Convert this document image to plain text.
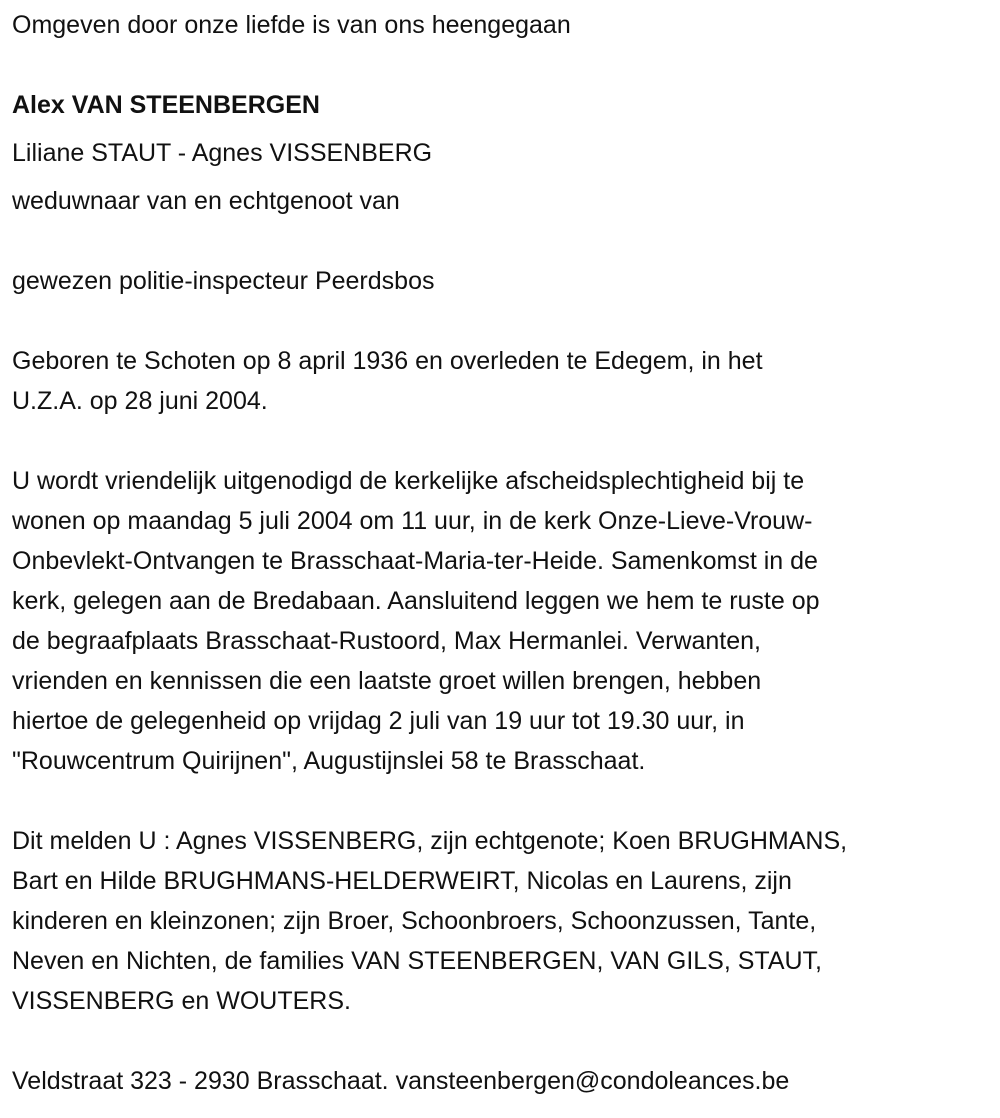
Omgeven door onze liefde is van ons heengegaan
Alex VAN STEENBERGEN
Liliane STAUT - Agnes VISSENBERG
weduwnaar van en echtgenoot van
gewezen politie-inspecteur Peerdsbos
Geboren te Schoten op 8 april 1936 en overleden te Edegem, in het
U.Z.A. op 28 juni 2004.
U wordt vriendelijk uitgenodigd de kerkelijke afscheidsplechtigheid bij te
wonen op maandag 5 juli 2004 om 11 uur, in de kerk Onze-Lieve-Vrouw-
Onbevlekt-Ontvangen te Brasschaat-Maria-ter-Heide. Samenkomst in de
kerk, gelegen aan de Bredabaan. Aansluitend leggen we hem te ruste op
de begraafplaats Brasschaat-Rustoord, Max Hermanlei. Verwanten,
vrienden en kennissen die een laatste groet willen brengen, hebben
hiertoe de gelegenheid op vrijdag 2 juli van 19 uur tot 19.30 uur, in
"Rouwcentrum Quirijnen", Augustijnslei 58 te Brasschaat.
Dit melden U : Agnes VISSENBERG, zijn echtgenote; Koen BRUGHMANS,
Bart en Hilde BRUGHMANS-HELDERWEIRT, Nicolas en Laurens, zijn
kinderen en kleinzonen; zijn Broer, Schoonbroers, Schoonzussen, Tante,
Neven en Nichten, de families VAN STEENBERGEN, VAN GILS, STAUT,
VISSENBERG en WOUTERS.
Veldstraat 323 - 2930 Brasschaat. vansteenbergen@condoleances.be
